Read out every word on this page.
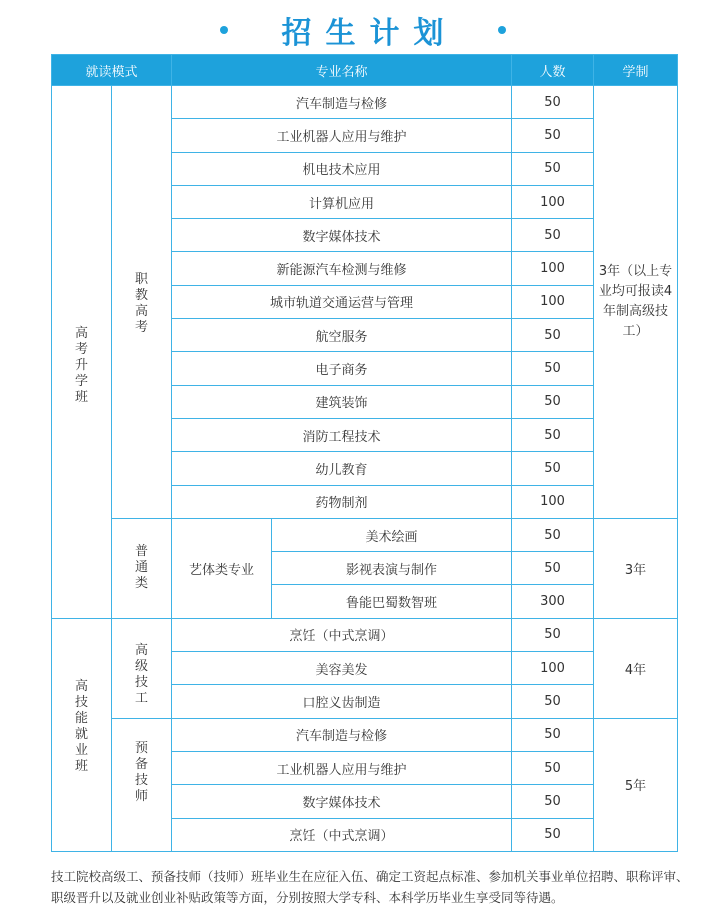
招生计划
就读模式		专业名称		人数	学制
高考升学班	职教高考	汽车制造与检修		50	3年（以上专业均可报读4年制高级技工）
		工业机器人应用与维护		50	
		机电技术应用		50	
		计算机应用		100	
		数字媒体技术		50	
		新能源汽车检测与维修		100	
		城市轨道交通运营与管理		100	
		航空服务		50	
		电子商务		50	
		建筑装饰		50	
		消防工程技术		50	
		幼儿教育		50	
		药物制剂		100	
	普通类	艺体类专业	美术绘画	50	3年
			影视表演与制作	50	
			鲁能巴蜀数智班	300	
高技能就业班	高级技工	烹饪（中式烹调）		50	4年
		美容美发		100	
		口腔义齿制造		50	
	预备技师	汽车制造与检修		50	5年
		工业机器人应用与维护		50	
		数字媒体技术		50	
		烹饪（中式烹调）		50	
技工院校高级工、预备技师（技师）班毕业生在应征入伍、确定工资起点标准、参加机关事业单位招聘、职称评审、职级晋升以及就业创业补贴政策等方面，分别按照大学专科、本科学历毕业生享受同等待遇。
